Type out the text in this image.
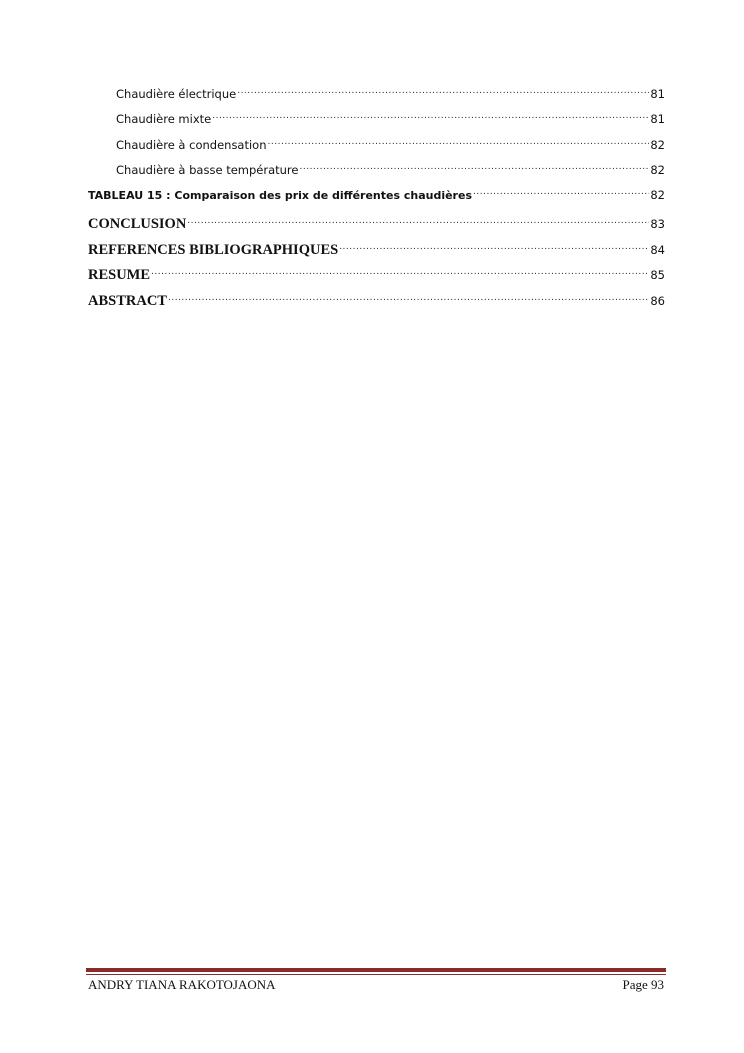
Chaudière électrique .....	81
Chaudière mixte .....	81
Chaudière à condensation .....	82
Chaudière à basse température .....	82
TABLEAU 15 : Comparaison des prix de différentes chaudières .....	82
CONCLUSION .....	83
REFERENCES BIBLIOGRAPHIQUES .....	84
RESUME .....	85
ABSTRACT .....	86
ANDRY TIANA RAKOTOJAONA	Page 93
